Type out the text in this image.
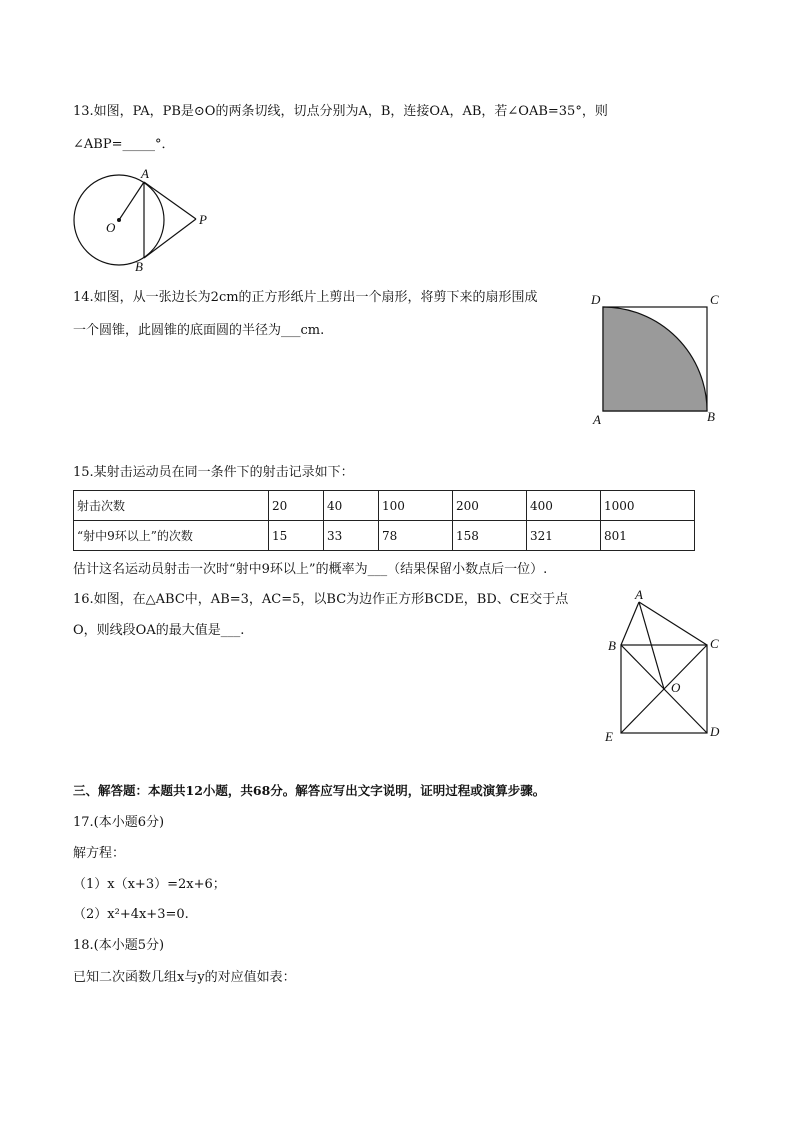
13.如图，PA，PB是⊙O的两条切线，切点分别为A，B，连接OA，AB，若∠OAB=35°，则
∠ABP=_____°．
A
B
O
P
14.如图，从一张边长为2cm的正方形纸片上剪出一个扇形，将剪下来的扇形围成
一个圆锥，此圆锥的底面圆的半径为___cm.
D	C
A	B
15.某射击运动员在同一条件下的射击记录如下：
射击次数	20	40	100	200	400	1000
“射中9环以上”的次数	15	33	78	158	321	801
估计这名运动员射击一次时“射中9环以上”的概率为___（结果保留小数点后一位）.
16.如图，在△ABC中，AB=3，AC=5，以BC为边作正方形BCDE，BD、CE交于点
O，则线段OA的最大值是___.
A
B	C
D
E
O
三、解答题：本题共12小题，共68分。解答应写出文字说明，证明过程或演算步骤。
17.(本小题6分)
解方程：
（1）x（x+3）=2x+6；
（2）x²+4x+3=0.
18.(本小题5分)
已知二次函数几组x与y的对应值如表：
